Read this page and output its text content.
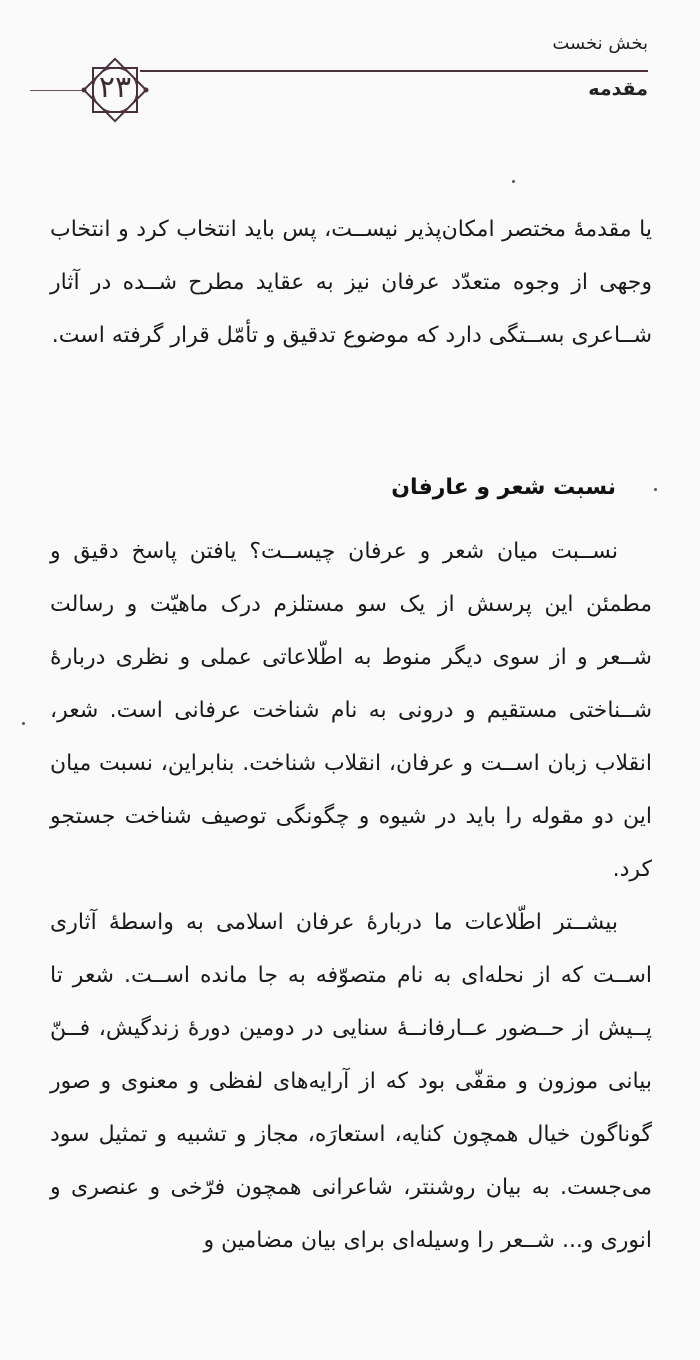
بخش نخست
۲۳	مقدمه

یا مقدمهٔ مختصر امکان‌پذیر نیســت، پس باید انتخاب کرد و انتخاب وجهی از وجوه متعدّد عرفان نیز به عقاید مطرح شــده در آثار شــاعری بســتگی دارد که موضوع تدقیق و تأمّل قرار گرفته است.

نسبت شعر و عارفان

نســبت میان شعر و عرفان چیســت؟ یافتن پاسخ دقیق و مطمئن این پرسش از یک سو مستلزم درک ماهیّت و رسالت شــعر و از سوی دیگر منوط به اطّلاعاتی عملی و نظری دربارهٔ شــناختی مستقیم و درونی به نام شناخت عرفانی است. شعر، انقلاب زبان اســت و عرفان، انقلاب شناخت. بنابراین، نسبت میان این دو مقوله را باید در شیوه و چگونگی توصیف شناخت جستجو کرد.

بیشــتر اطّلاعات ما دربارهٔ عرفان اسلامی به واسطهٔ آثاری اســت که از نحله‌ای به نام متصوّفه به جا مانده اســت. شعر تا پــیش از حــضور عــارفانــهٔ سنایی در دومین دورهٔ زندگیش، فــنّ بیانی موزون و مقفّی بود که از آرایه‌های لفظی و معنوی و صور گوناگون خیال همچون کنایه، استعارَه، مجاز و تشبیه و تمثیل سود می‌جست. به بیان روشنتر، شاعرانی همچون فرّخی و عنصری و انوری و... شــعر را وسیله‌ای برای بیان مضامین و
